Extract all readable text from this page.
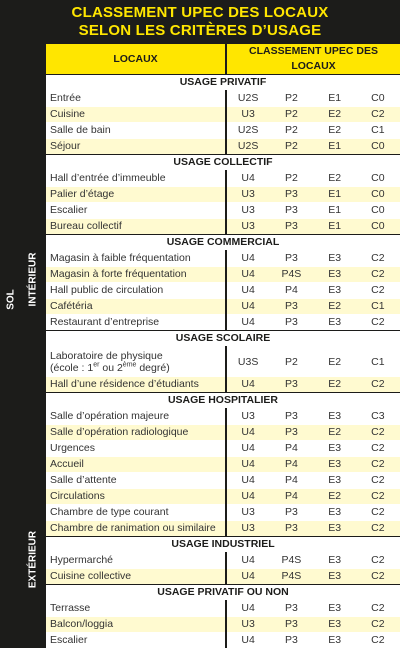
CLASSEMENT UPEC DES LOCAUX
SELON LES CRITÈRES D’USAGE
SOL INTÉRIEUR
EXTÉRIEUR
LOCAUX	CLASSEMENT UPEC DES LOCAUX			
USAGE PRIVATIF				
Entrée	U2S	P2	E1	C0
Cuisine	U3	P2	E2	C2
Salle de bain	U2S	P2	E2	C1
Séjour	U2S	P2	E1	C0
USAGE COLLECTIF				
Hall d’entrée d’immeuble	U4	P2	E2	C0
Palier d’étage	U3	P3	E1	C0
Escalier	U3	P3	E1	C0
Bureau collectif	U3	P3	E1	C0
USAGE COMMERCIAL				
Magasin à faible fréquentation	U4	P3	E3	C2
Magasin à forte fréquentation	U4	P4S	E3	C2
Hall public de circulation	U4	P4	E3	C2
Cafétéria	U4	P3	E2	C1
Restaurant d’entreprise	U4	P3	E3	C2
USAGE SCOLAIRE				
Laboratoire de physique
(école : 1er ou 2ème degré)	U3S	P2	E2	C1
Hall d’une résidence d’étudiants	U4	P3	E2	C2
USAGE HOSPITALIER				
Salle d’opération majeure	U3	P3	E3	C3
Salle d’opération radiologique	U4	P3	E2	C2
Urgences	U4	P4	E3	C2
Accueil	U4	P4	E3	C2
Salle d’attente	U4	P4	E3	C2
Circulations	U4	P4	E2	C2
Chambre de type courant	U3	P3	E3	C2
Chambre de ranimation ou similaire	U3	P3	E3	C2
USAGE INDUSTRIEL				
Hypermarché	U4	P4S	E3	C2
Cuisine collective	U4	P4S	E3	C2
USAGE PRIVATIF OU NON				
Terrasse	U4	P3	E3	C2
Balcon/loggia	U3	P3	E3	C2
Escalier	U4	P3	E3	C2
